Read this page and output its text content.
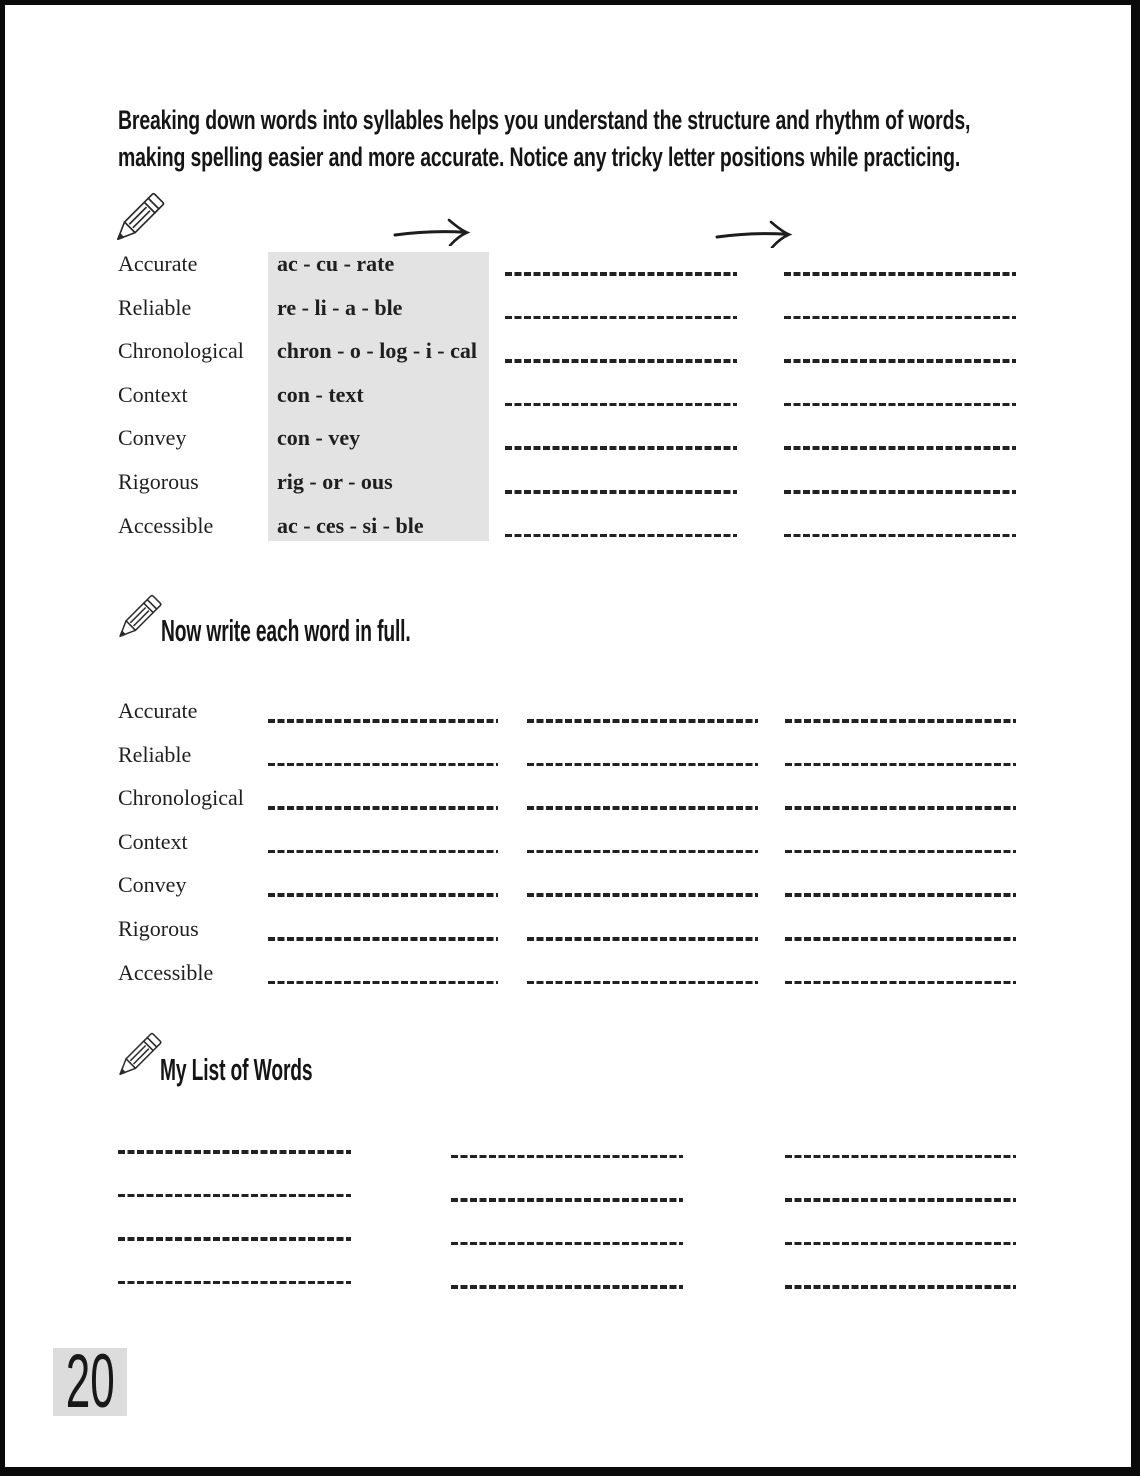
Breaking down words into syllables helps you understand the structure and rhythm of words,
making spelling easier and more accurate. Notice any tricky letter positions while practicing.
Accurate	ac - cu - rate
Reliable	re - li - a - ble
Chronological chron - o - log - i - cal
Context	con - text
Convey	con - vey
Rigorous	rig - or - ous
Accessible	ac - ces - si - ble
Now write each word in full.
Accurate
Reliable
Chronological
Context
Convey
Rigorous
Accessible
My List of Words
20
